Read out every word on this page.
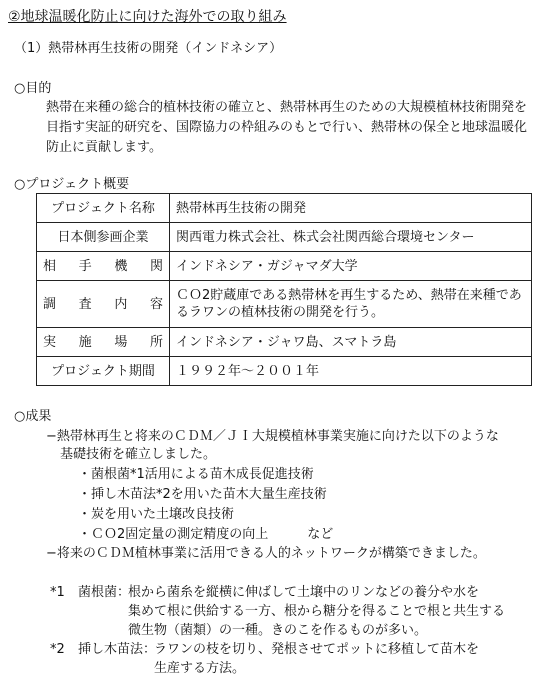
②地球温暖化防止に向けた海外での取り組み
（1）熱帯林再生技術の開発（インドネシア）
○目的
熱帯在来種の総合的植林技術の確立と、熱帯林再生のための大規模植林技術開発を目指す実証的研究を、国際協力の枠組みのもとで行い、熱帯林の保全と地球温暖化防止に貢献します。
○プロジェクト概要
プロジェクト名称	熱帯林再生技術の開発
日本側参画企業	関西電力株式会社、株式会社関西総合環境センター

相 手 機 関	インドネシア・ガジャマダ大学

調 査 内 容	ＣＯ2貯蔵庫である熱帯林を再生するため、熱帯在来種であるラワンの植林技術の開発を行う。

実 施 場 所	インドネシア・ジャワ島、スマトラ島
プロジェクト期間	１９９２年～２００１年
○成果
−熱帯林再生と将来のＣＤＭ／ＪＩ大規模植林事業実施に向けた以下のような
基礎技術を確立しました。
・菌根菌*1活用による苗木成長促進技術
・挿し木苗法*2を用いた苗木大量生産技術
・炭を用いた土壌改良技術
・ＣＯ2固定量の測定精度の向上　　　など
−将来のＣＤＭ植林事業に活用できる人的ネットワークが構築できました。
*1 菌根菌：
根から菌糸を縦横に伸ばして土壌中のリンなどの養分や水を
集めて根に供給する一方、根から糖分を得ることで根と共生する
微生物（菌類）の一種。きのこを作るものが多い。
*2 挿し木苗法：
ラワンの枝を切り、発根させてポットに移植して苗木を
生産する方法。
